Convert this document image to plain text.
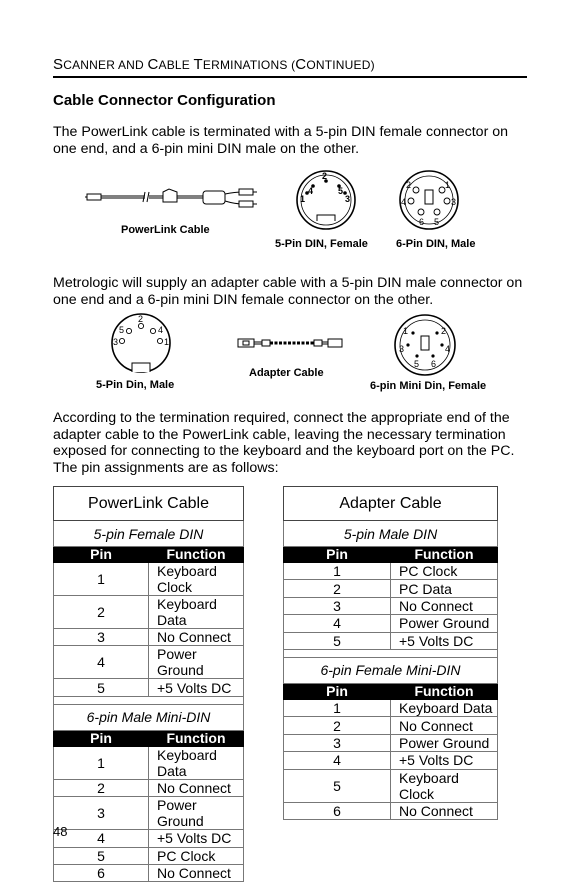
SCANNER AND CABLE TERMINATIONS (CONTINUED)
Cable Connector Configuration
The PowerLink cable is terminated with a 5-pin DIN female connector on one end, and a 6-pin mini DIN male on the other.
PowerLink Cable
1
4
2
5
3
5-Pin DIN, Female
2	1
4	3
6 5
6-Pin DIN, Male
Metrologic will supply an adapter cable with a 5-pin DIN male connector on one end and a 6-pin mini DIN female connector on the other.
2
5	4
3	1
5-Pin Din, Male
Adapter Cable
1	2
3	4
5 6
6-pin Mini Din, Female
According to the termination required, connect the appropriate end of the adapter cable to the PowerLink cable, leaving the necessary termination exposed for connecting to the keyboard and the keyboard port on the PC. The pin assignments are as follows:
PowerLink Cable	
5-pin Female DIN	
Pin	Function
1	Keyboard Clock
2	Keyboard Data
3	No Connect
4	Power Ground
5	+5 Volts DC

6-pin Male Mini-DIN	
Pin	Function
1	Keyboard Data
2	No Connect
3	Power Ground
4	+5 Volts DC
5	PC Clock
6	No Connect
Adapter Cable	
5-pin Male DIN	
Pin	Function
1	PC Clock
2	PC Data
3	No Connect
4	Power Ground
5	+5 Volts DC

6-pin Female Mini-DIN	
Pin	Function
1	Keyboard Data
2	No Connect
3	Power Ground
4	+5 Volts DC
5	Keyboard Clock
6	No Connect
48
